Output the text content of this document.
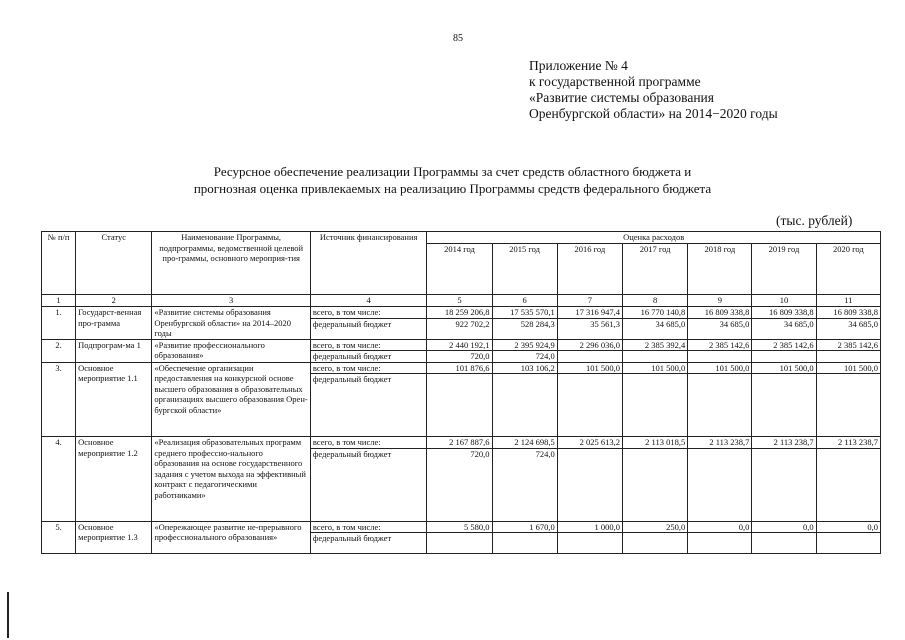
85
Приложение № 4
к государственной программе
«Развитие системы образования
Оренбургской области» на 2014−2020 годы
Ресурсное обеспечение реализации Программы за счет средств областного бюджета и
прогнозная оценка привлекаемых на реализацию Программы средств федерального бюджета
(тыс. рублей)
№ п/п	Статус	Наименование Программы, подпрограммы, ведомственной целевой про-граммы, основного мероприя-тия	Источник финансирования	Оценка расходов						
				2014 год	2015 год	2016 год	2017 год	2018 год	2019 год	2020 год
1	2	3	4	5	6	7	8	9	10	11
1.	Государст-венная про-грамма	«Развитие системы образования Оренбургской области» на 2014–2020 годы	всего, в том числе:	18 259 206,8	17 535 570,1	17 316 947,4	16 770 140,8	16 809 338,8	16 809 338,8	16 809 338,8
			федеральный бюджет	922 702,2	528 284,3	35 561,3	34 685,0	34 685,0	34 685,0	34 685,0
2.	Подпрограм-ма 1	«Развитие профессионального образования»	всего, в том числе:	2 440 192,1	2 395 924,9	2 296 036,0	2 385 392,4	2 385 142,6	2 385 142,6	2 385 142,6
			федеральный бюджет	720,0	724,0					
3.	Основное мероприятие 1.1	«Обеспечение организации предоставления на конкурсной основе высшего образования в образовательных организациях высшего образования Орен-бургской области»	всего, в том числе:	101 876,6	103 106,2	101 500,0	101 500,0	101 500,0	101 500,0	101 500,0
			федеральный бюджет							
4.	Основное мероприятие 1.2	«Реализация образовательных программ среднего профессио-нального образования на основе государственного задания с учетом выхода на эффективный контракт с педагогическими работниками»	всего, в том числе:	2 167 887,6	2 124 698,5	2 025 613,2	2 113 018,5	2 113 238,7	2 113 238,7	2 113 238,7
			федеральный бюджет	720,0	724,0					
5.	Основное мероприятие 1.3	«Опережающее развитие не-прерывного профессионального образования»	всего, в том числе:	5 580,0	1 670,0	1 000,0	250,0	0,0	0,0	0,0
			федеральный бюджет							
